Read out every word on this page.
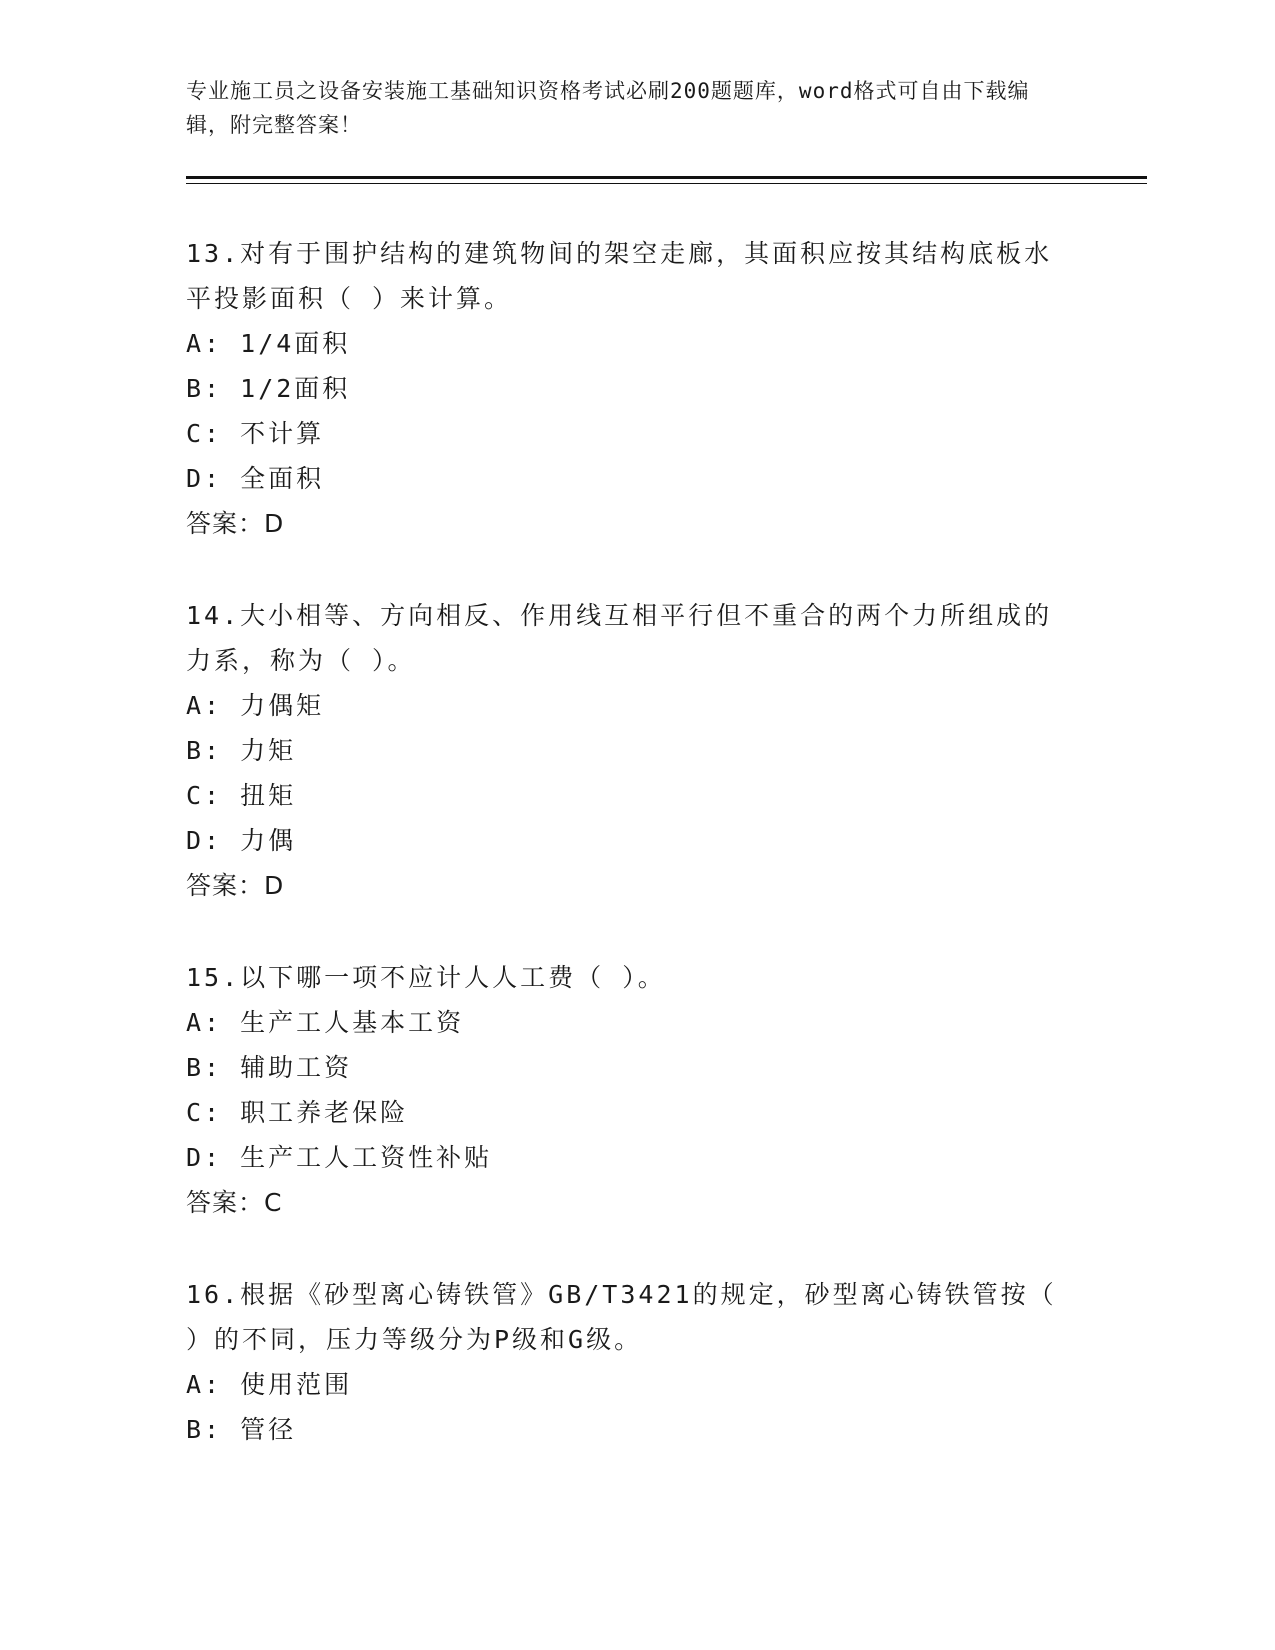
专业施工员之设备安装施工基础知识资格考试必刷200题题库，word格式可自由下载编辑，附完整答案！
13.对有于围护结构的建筑物间的架空走廊，其面积应按其结构底板水平投影面积（ ）来计算。
A: 1/4面积
B: 1/2面积
C: 不计算
D: 全面积
答案：D
14.大小相等、方向相反、作用线互相平行但不重合的两个力所组成的力系，称为（ ）。
A: 力偶矩
B: 力矩
C: 扭矩
D: 力偶
答案：D
15.以下哪一项不应计人人工费（ ）。
A: 生产工人基本工资
B: 辅助工资
C: 职工养老保险
D: 生产工人工资性补贴
答案：C
16.根据《砂型离心铸铁管》GB/T3421的规定，砂型离心铸铁管按（ ）的不同，压力等级分为P级和G级。
A: 使用范围
B: 管径
